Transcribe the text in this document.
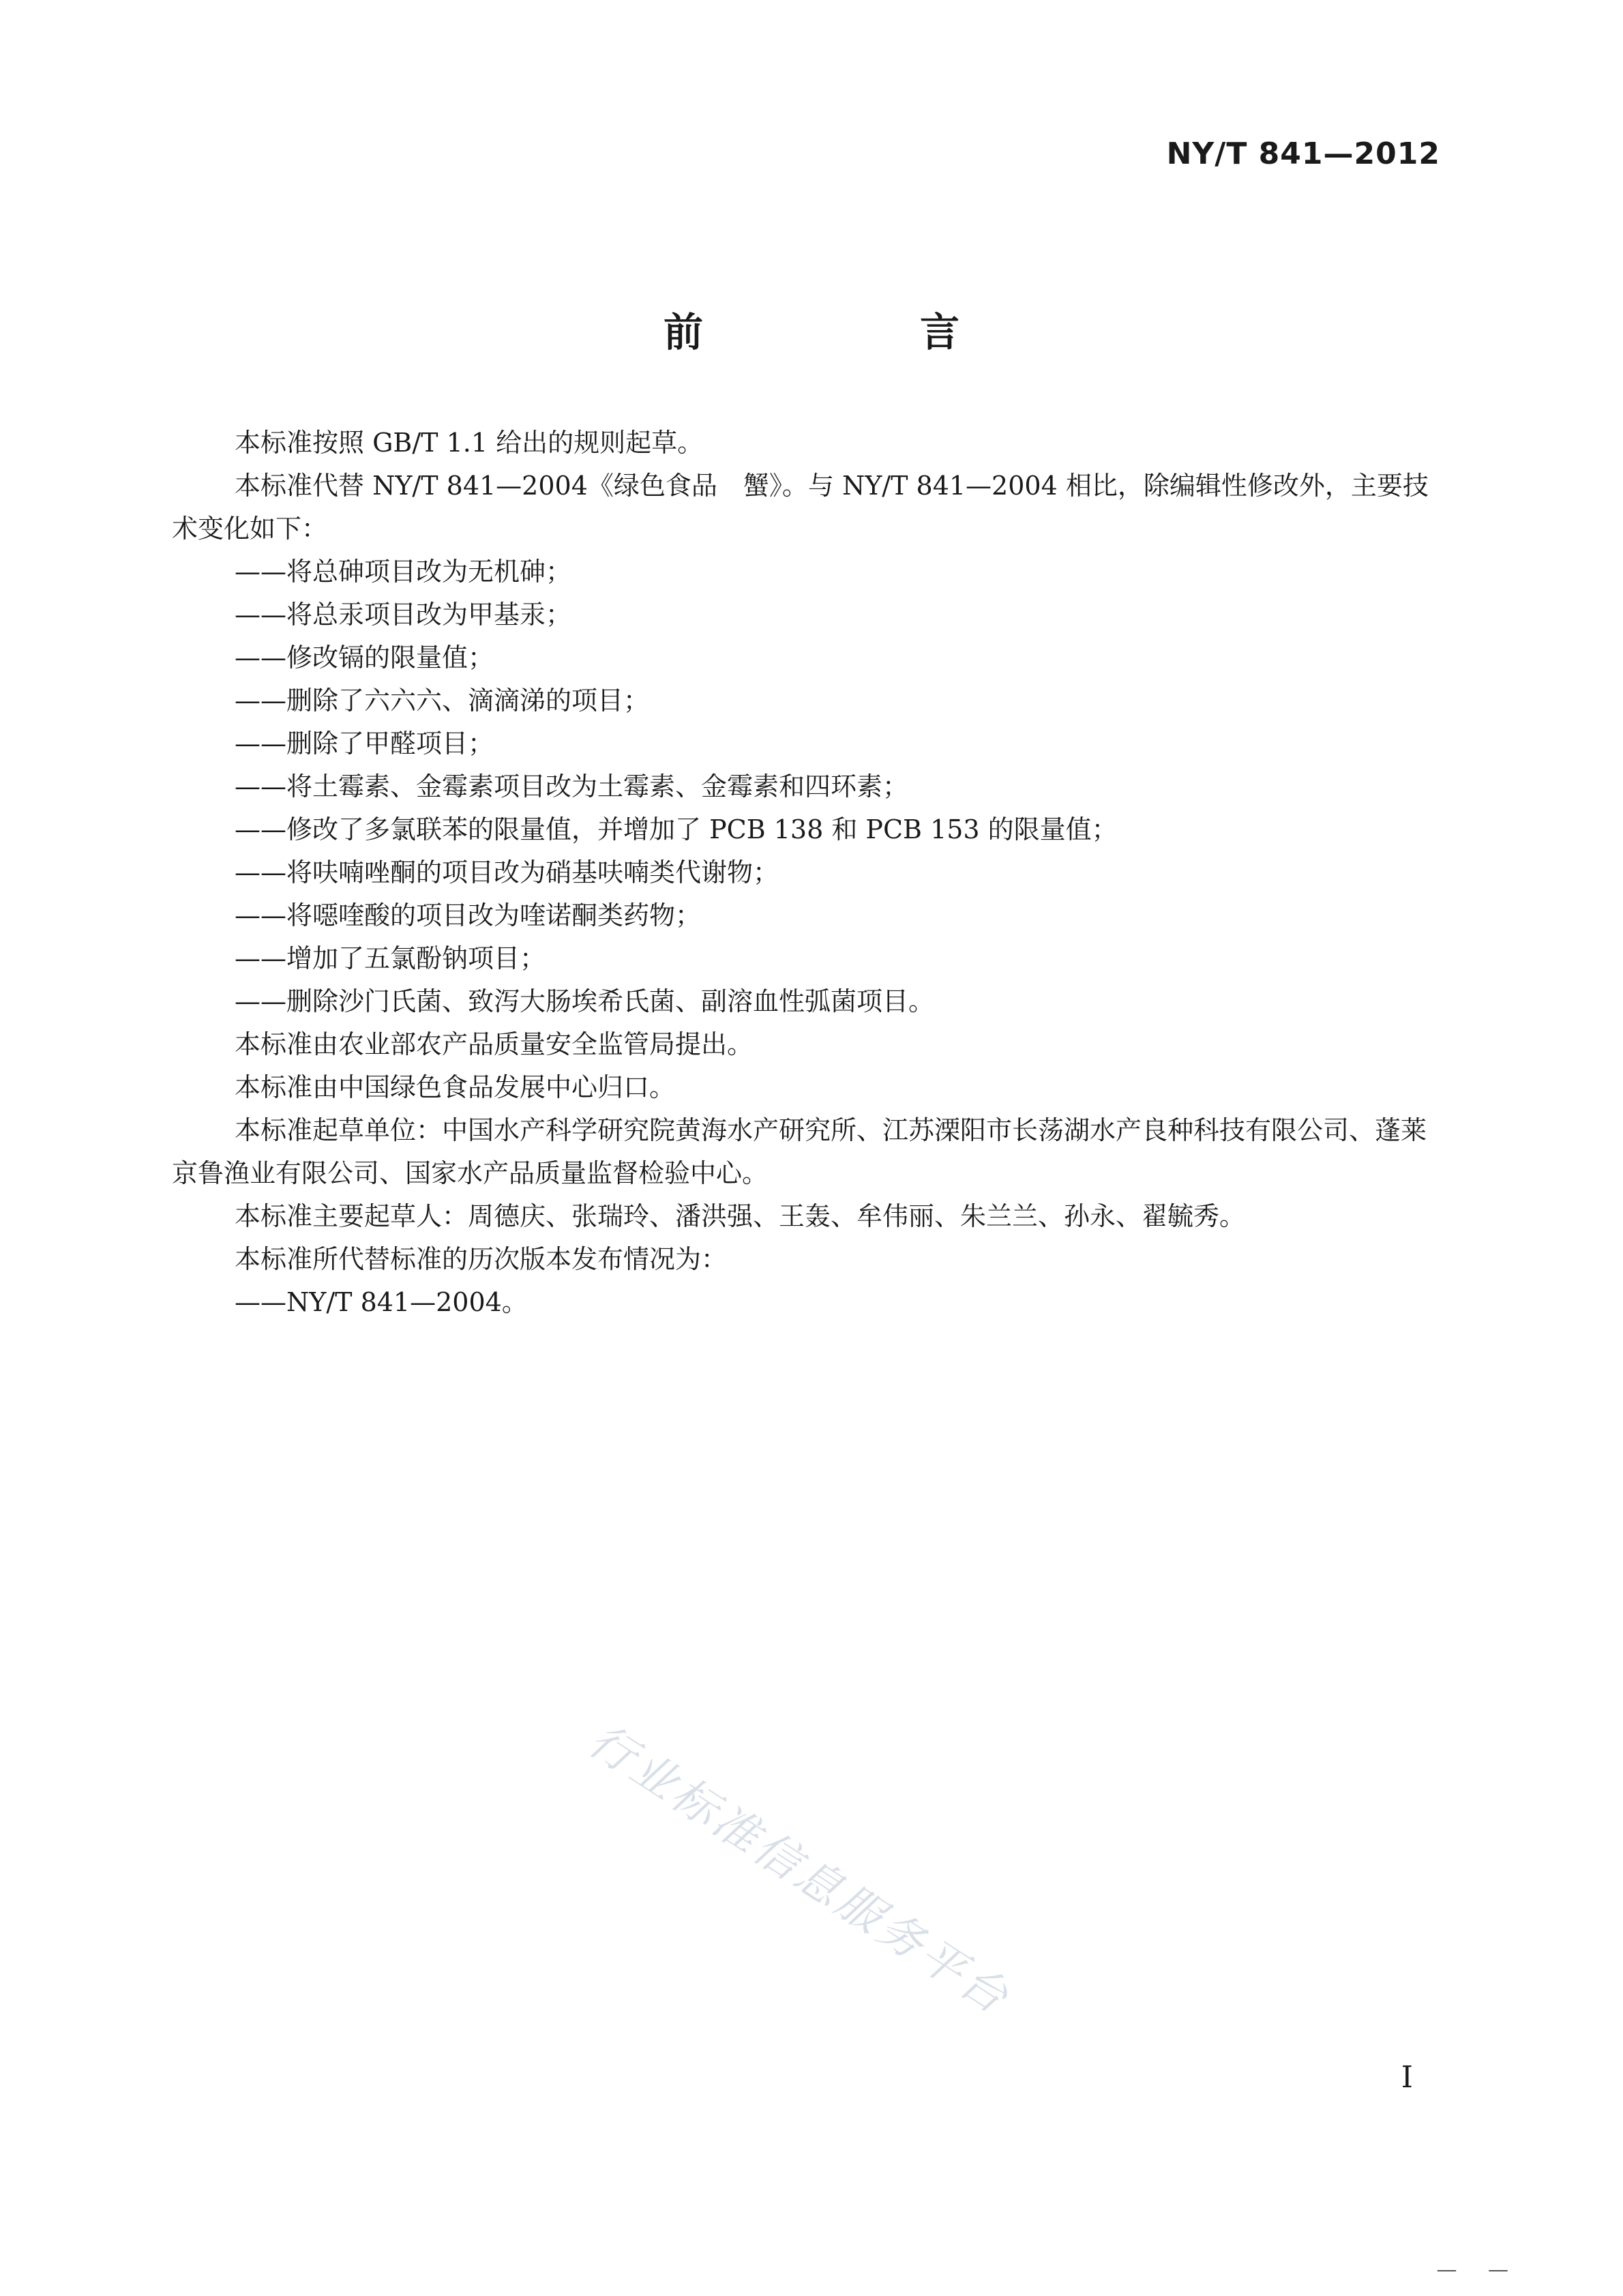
NY/T 841—2012
前　言

本标准按照 GB/T 1.1 给出的规则起草。

本标准代替 NY/T 841—2004《绿色食品　蟹》。与 NY/T 841—2004 相比，除编辑性修改外，主要技术变化如下：

——将总砷项目改为无机砷；

——将总汞项目改为甲基汞；

——修改镉的限量值；

——删除了六六六、滴滴涕的项目；

——删除了甲醛项目；

——将土霉素、金霉素项目改为土霉素、金霉素和四环素；

——修改了多氯联苯的限量值，并增加了 PCB 138 和 PCB 153 的限量值；

——将呋喃唑酮的项目改为硝基呋喃类代谢物；

——将噁喹酸的项目改为喹诺酮类药物；

——增加了五氯酚钠项目；

——删除沙门氏菌、致泻大肠埃希氏菌、副溶血性弧菌项目。

本标准由农业部农产品质量安全监管局提出。

本标准由中国绿色食品发展中心归口。

本标准起草单位：中国水产科学研究院黄海水产研究所、江苏溧阳市长荡湖水产良种科技有限公司、蓬莱京鲁渔业有限公司、国家水产品质量监督检验中心。

本标准主要起草人：周德庆、张瑞玲、潘洪强、王轰、牟伟丽、朱兰兰、孙永、翟毓秀。

本标准所代替标准的历次版本发布情况为：

——NY/T 841—2004。

行业标准信息服务平台
I
— —
